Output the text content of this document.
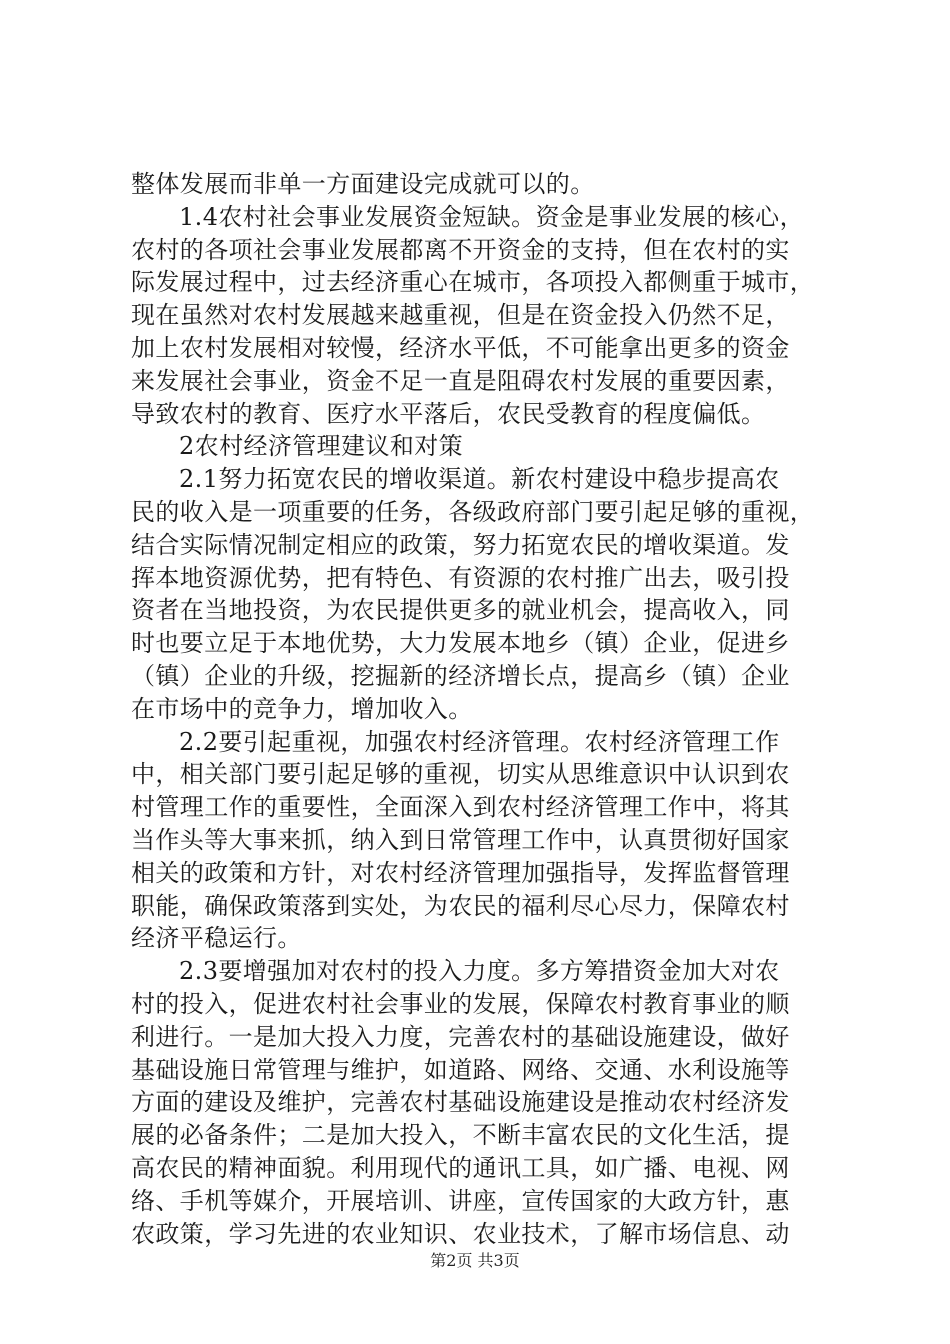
整体发展而非单一方面建设完成就可以的。
1.4农村社会事业发展资金短缺。资金是事业发展的核心，
农村的各项社会事业发展都离不开资金的支持，但在农村的实
际发展过程中，过去经济重心在城市，各项投入都侧重于城市，
现在虽然对农村发展越来越重视，但是在资金投入仍然不足，
加上农村发展相对较慢，经济水平低，不可能拿出更多的资金
来发展社会事业，资金不足一直是阻碍农村发展的重要因素，
导致农村的教育、医疗水平落后，农民受教育的程度偏低。
2农村经济管理建议和对策
2.1努力拓宽农民的增收渠道。新农村建设中稳步提高农
民的收入是一项重要的任务，各级政府部门要引起足够的重视，
结合实际情况制定相应的政策，努力拓宽农民的增收渠道。发
挥本地资源优势，把有特色、有资源的农村推广出去，吸引投
资者在当地投资，为农民提供更多的就业机会，提高收入，同
时也要立足于本地优势，大力发展本地乡（镇）企业，促进乡
（镇）企业的升级，挖掘新的经济增长点，提高乡（镇）企业
在市场中的竞争力，增加收入。
2.2要引起重视，加强农村经济管理。农村经济管理工作
中，相关部门要引起足够的重视，切实从思维意识中认识到农
村管理工作的重要性，全面深入到农村经济管理工作中，将其
当作头等大事来抓，纳入到日常管理工作中，认真贯彻好国家
相关的政策和方针，对农村经济管理加强指导，发挥监督管理
职能，确保政策落到实处，为农民的福利尽心尽力，保障农村
经济平稳运行。
2.3要增强加对农村的投入力度。多方筹措资金加大对农
村的投入，促进农村社会事业的发展，保障农村教育事业的顺
利进行。一是加大投入力度，完善农村的基础设施建设，做好
基础设施日常管理与维护，如道路、网络、交通、水利设施等
方面的建设及维护，完善农村基础设施建设是推动农村经济发
展的必备条件；二是加大投入，不断丰富农民的文化生活，提
高农民的精神面貌。利用现代的通讯工具，如广播、电视、网
络、手机等媒介，开展培训、讲座，宣传国家的大政方针，惠
农政策，学习先进的农业知识、农业技术，了解市场信息、动
第2页 共3页
